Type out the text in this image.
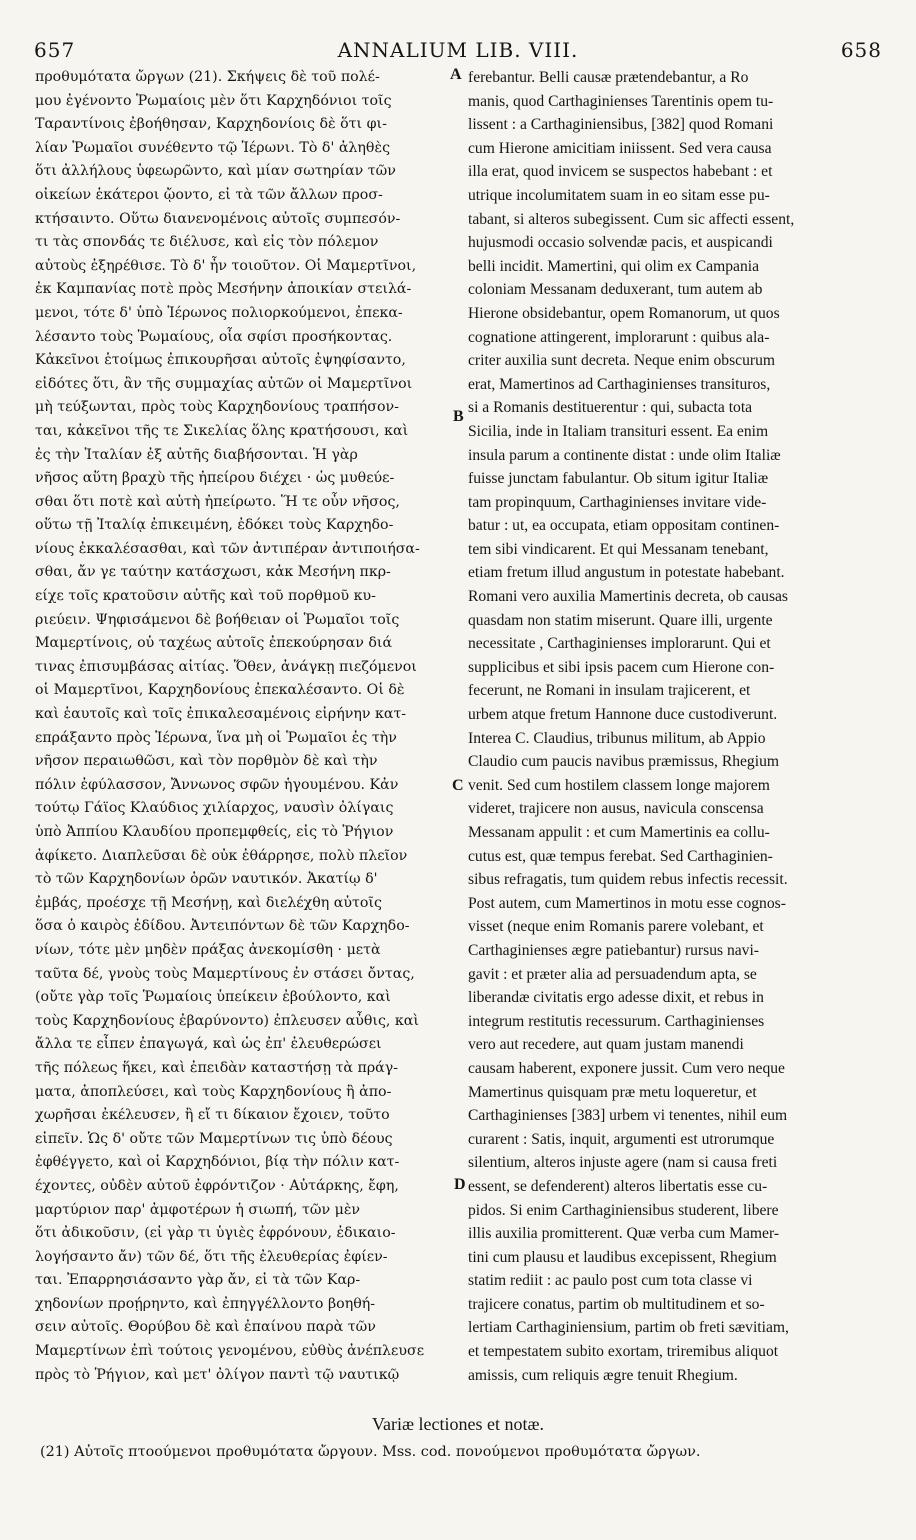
657	ANNALIUM LIB. VIII.	658
προθυμότατα ὤργων (21). Σκήψεις δὲ τοῦ πολέ-
μου ἐγένοντο Ῥωμαίοις μὲν ὅτι Καρχηδόνιοι τοῖς
Ταραντίνοις ἐβοήθησαν, Καρχηδονίοις δὲ ὅτι φι-
λίαν Ῥωμαῖοι συνέθεντο τῷ Ἱέρωνι. Τὸ δ' ἀληθὲς
ὅτι ἀλλήλους ὑφεωρῶντο, καὶ μίαν σωτηρίαν τῶν
οἰκείων ἑκάτεροι ᾤοντο, εἰ τὰ τῶν ἄλλων προσ-
κτήσαιντο. Οὕτω διανενομένοις αὐτοῖς συμπεσόν-
τι τὰς σπονδάς τε διέλυσε, καὶ εἰς τὸν πόλεμον
αὐτοὺς ἐξηρέθισε. Τὸ δ' ἦν τοιοῦτον. Οἱ Μαμερτῖνοι,
ἐκ Καμπανίας ποτὲ πρὸς Μεσήνην ἀποικίαν στειλά-
μενοι, τότε δ' ὑπὸ Ἱέρωνος πολιορκούμενοι, ἐπεκα-
λέσαντο τοὺς Ῥωμαίους, οἷα σφίσι προσήκοντας.
Κἀκεῖνοι ἑτοίμως ἐπικουρῆσαι αὐτοῖς ἐψηφίσαντο,
εἰδότες ὅτι, ἂν τῆς συμμαχίας αὐτῶν οἱ Μαμερτῖνοι
μὴ τεύξωνται, πρὸς τοὺς Καρχηδονίους τραπήσον-
ται, κἀκεῖνοι τῆς τε Σικελίας ὅλης κρατήσουσι, καὶ
ἐς τὴν Ἰταλίαν ἐξ αὐτῆς διαβήσονται. Ἡ γὰρ
νῆσος αὕτη βραχὺ τῆς ἠπείρου διέχει · ὡς μυθεύε-
σθαι ὅτι ποτὲ καὶ αὐτὴ ἠπείρωτο. Ἥ τε οὖν νῆσος,
οὕτω τῇ Ἰταλίᾳ ἐπικειμένη, ἐδόκει τοὺς Καρχηδο-
νίους ἐκκαλέσασθαι, καὶ τῶν ἀντιπέραν ἀντιποιήσα-
σθαι, ἄν γε ταύτην κατάσχωσι, κἀκ Μεσήνη πκρ-
είχε τοῖς κρατοῦσιν αὐτῆς καὶ τοῦ πορθμοῦ κυ-
ριεύειν. Ψηφισάμενοι δὲ βοήθειαν οἱ Ῥωμαῖοι τοῖς
Μαμερτίνοις, οὐ ταχέως αὐτοῖς ἐπεκούρησαν διά
τινας ἐπισυμβάσας αἰτίας. Ὅθεν, ἀνάγκῃ πιεζόμενοι
οἱ Μαμερτῖνοι, Καρχηδονίους ἐπεκαλέσαντο. Οἱ δὲ
καὶ ἑαυτοῖς καὶ τοῖς ἐπικαλεσαμένοις εἰρήνην κατ-
επράξαντο πρὸς Ἱέρωνα, ἵνα μὴ οἱ Ῥωμαῖοι ἐς τὴν
νῆσον περαιωθῶσι, καὶ τὸν πορθμὸν δὲ καὶ τὴν
πόλιν ἐφύλασσον, Ἄννωνος σφῶν ἡγουμένου. Κἀν
τούτῳ Γάϊος Κλαύδιος χιλίαρχος, ναυσὶν ὀλίγαις
ὑπὸ Ἀππίου Κλαυδίου προπεμφθείς, εἰς τὸ Ῥήγιον
ἀφίκετο. Διαπλεῦσαι δὲ οὐκ ἐθάρρησε, πολὺ πλεῖον
τὸ τῶν Καρχηδονίων ὁρῶν ναυτικόν. Ἀκατίῳ δ'
ἐμβάς, προέσχε τῇ Μεσήνῃ, καὶ διελέχθη αὐτοῖς
ὅσα ὁ καιρὸς ἐδίδου. Ἀντειπόντων δὲ τῶν Καρχηδο-
νίων, τότε μὲν μηδὲν πράξας ἀνεκομίσθη · μετὰ
ταῦτα δέ, γνοὺς τοὺς Μαμερτίνους ἐν στάσει ὄντας,
(οὔτε γὰρ τοῖς Ῥωμαίοις ὑπείκειν ἐβούλοντο, καὶ
τοὺς Καρχηδονίους ἐβαρύνοντο) ἐπλευσεν αὖθις, καὶ
ἄλλα τε εἶπεν ἐπαγωγά, καὶ ὡς ἐπ' ἐλευθερώσει
τῆς πόλεως ἥκει, καὶ ἐπειδὰν καταστήσῃ τὰ πράγ-
ματα, ἀποπλεύσει, καὶ τοὺς Καρχηδονίους ἢ ἀπο-
χωρῆσαι ἐκέλευσεν, ἢ εἴ τι δίκαιον ἔχοιεν, τοῦτο
εἰπεῖν. Ὡς δ' οὔτε τῶν Μαμερτίνων τις ὑπὸ δέους
ἐφθέγγετο, καὶ οἱ Καρχηδόνιοι, βίᾳ τὴν πόλιν κατ-
έχοντες, οὐδὲν αὐτοῦ ἐφρόντιζον · Αὐτάρκης, ἔφη,
μαρτύριον παρ' ἀμφοτέρων ἡ σιωπή, τῶν μὲν
ὅτι ἀδικοῦσιν, (εἰ γὰρ τι ὑγιὲς ἐφρόνουν, ἐδικαιο-
λογήσαντο ἄν) τῶν δέ, ὅτι τῆς ἐλευθερίας ἐφίεν-
ται. Ἐπαρρησιάσαντο γὰρ ἄν, εἰ τὰ τῶν Καρ-
χηδονίων προῄρηντο, καὶ ἐπηγγέλλοντο βοηθή-
σειν αὐτοῖς. Θορύβου δὲ καὶ ἐπαίνου παρὰ τῶν
Μαμερτίνων ἐπὶ τούτοις γενομένου, εὐθὺς ἀνέπλευσε
πρὸς τὸ Ῥήγιον, καὶ μετ' ὀλίγον παντὶ τῷ ναυτικῷ
ferebantur. Belli causæ prætendebantur, a Ro
manis, quod Carthaginienses Tarentinis opem tu-
lissent : a Carthaginiensibus, [382] quod Romani
cum Hierone amicitiam iniissent. Sed vera causa
illa erat, quod invicem se suspectos habebant : et
utrique incolumitatem suam in eo sitam esse pu-
tabant, si alteros subegissent. Cum sic affecti essent,
hujusmodi occasio solvendæ pacis, et auspicandi
belli incidit. Mamertini, qui olim ex Campania
coloniam Messanam deduxerant, tum autem ab
Hierone obsidebantur, opem Romanorum, ut quos
cognatione attingerent, implorarunt : quibus ala-
criter auxilia sunt decreta. Neque enim obscurum
erat, Mamertinos ad Carthaginienses transituros,
si a Romanis destituerentur : qui, subacta tota
Sicilia, inde in Italiam transituri essent. Ea enim
insula parum a continente distat : unde olim Italiæ
fuisse junctam fabulantur. Ob situm igitur Italiæ
tam propinquum, Carthaginienses invitare vide-
batur : ut, ea occupata, etiam oppositam continen-
tem sibi vindicarent. Et qui Messanam tenebant,
etiam fretum illud angustum in potestate habebant.
Romani vero auxilia Mamertinis decreta, ob causas
quasdam non statim miserunt. Quare illi, urgente
necessitate , Carthaginienses implorarunt. Qui et
supplicibus et sibi ipsis pacem cum Hierone con-
fecerunt, ne Romani in insulam trajicerent, et
urbem atque fretum Hannone duce custodiverunt.
Interea C. Claudius, tribunus militum, ab Appio
Claudio cum paucis navibus præmissus, Rhegium
venit. Sed cum hostilem classem longe majorem
videret, trajicere non ausus, navicula conscensa
Messanam appulit : et cum Mamertinis ea collu-
cutus est, quæ tempus ferebat. Sed Carthaginien-
sibus refragatis, tum quidem rebus infectis recessit.
Post autem, cum Mamertinos in motu esse cognos-
visset (neque enim Romanis parere volebant, et
Carthaginienses ægre patiebantur) rursus navi-
gavit : et præter alia ad persuadendum apta, se
liberandæ civitatis ergo adesse dixit, et rebus in
integrum restitutis recessurum. Carthaginienses
vero aut recedere, aut quam justam manendi
causam haberent, exponere jussit. Cum vero neque
Mamertinus quisquam præ metu loqueretur, et
Carthaginienses [383] urbem vi tenentes, nihil eum
curarent : Satis, inquit, argumenti est utrorumque
silentium, alteros injuste agere (nam si causa freti
essent, se defenderent) alteros libertatis esse cu-
pidos. Si enim Carthaginiensibus studerent, libere
illis auxilia promitterent. Quæ verba cum Mamer-
tini cum plausu et laudibus excepissent, Rhegium
statim rediit : ac paulo post cum tota classe vi
trajicere conatus, partim ob multitudinem et so-
lertiam Carthaginiensium, partim ob freti sævitiam,
et tempestatem subito exortam, triremibus aliquot
amissis, cum reliquis ægre tenuit Rhegium.
A
B
C
D
Variæ lectiones et notæ.
(21) Αὐτοῖς πτοούμενοι προθυμότατα ὤργουν. Mss. cod. πονούμενοι προθυμότατα ὤργων.
